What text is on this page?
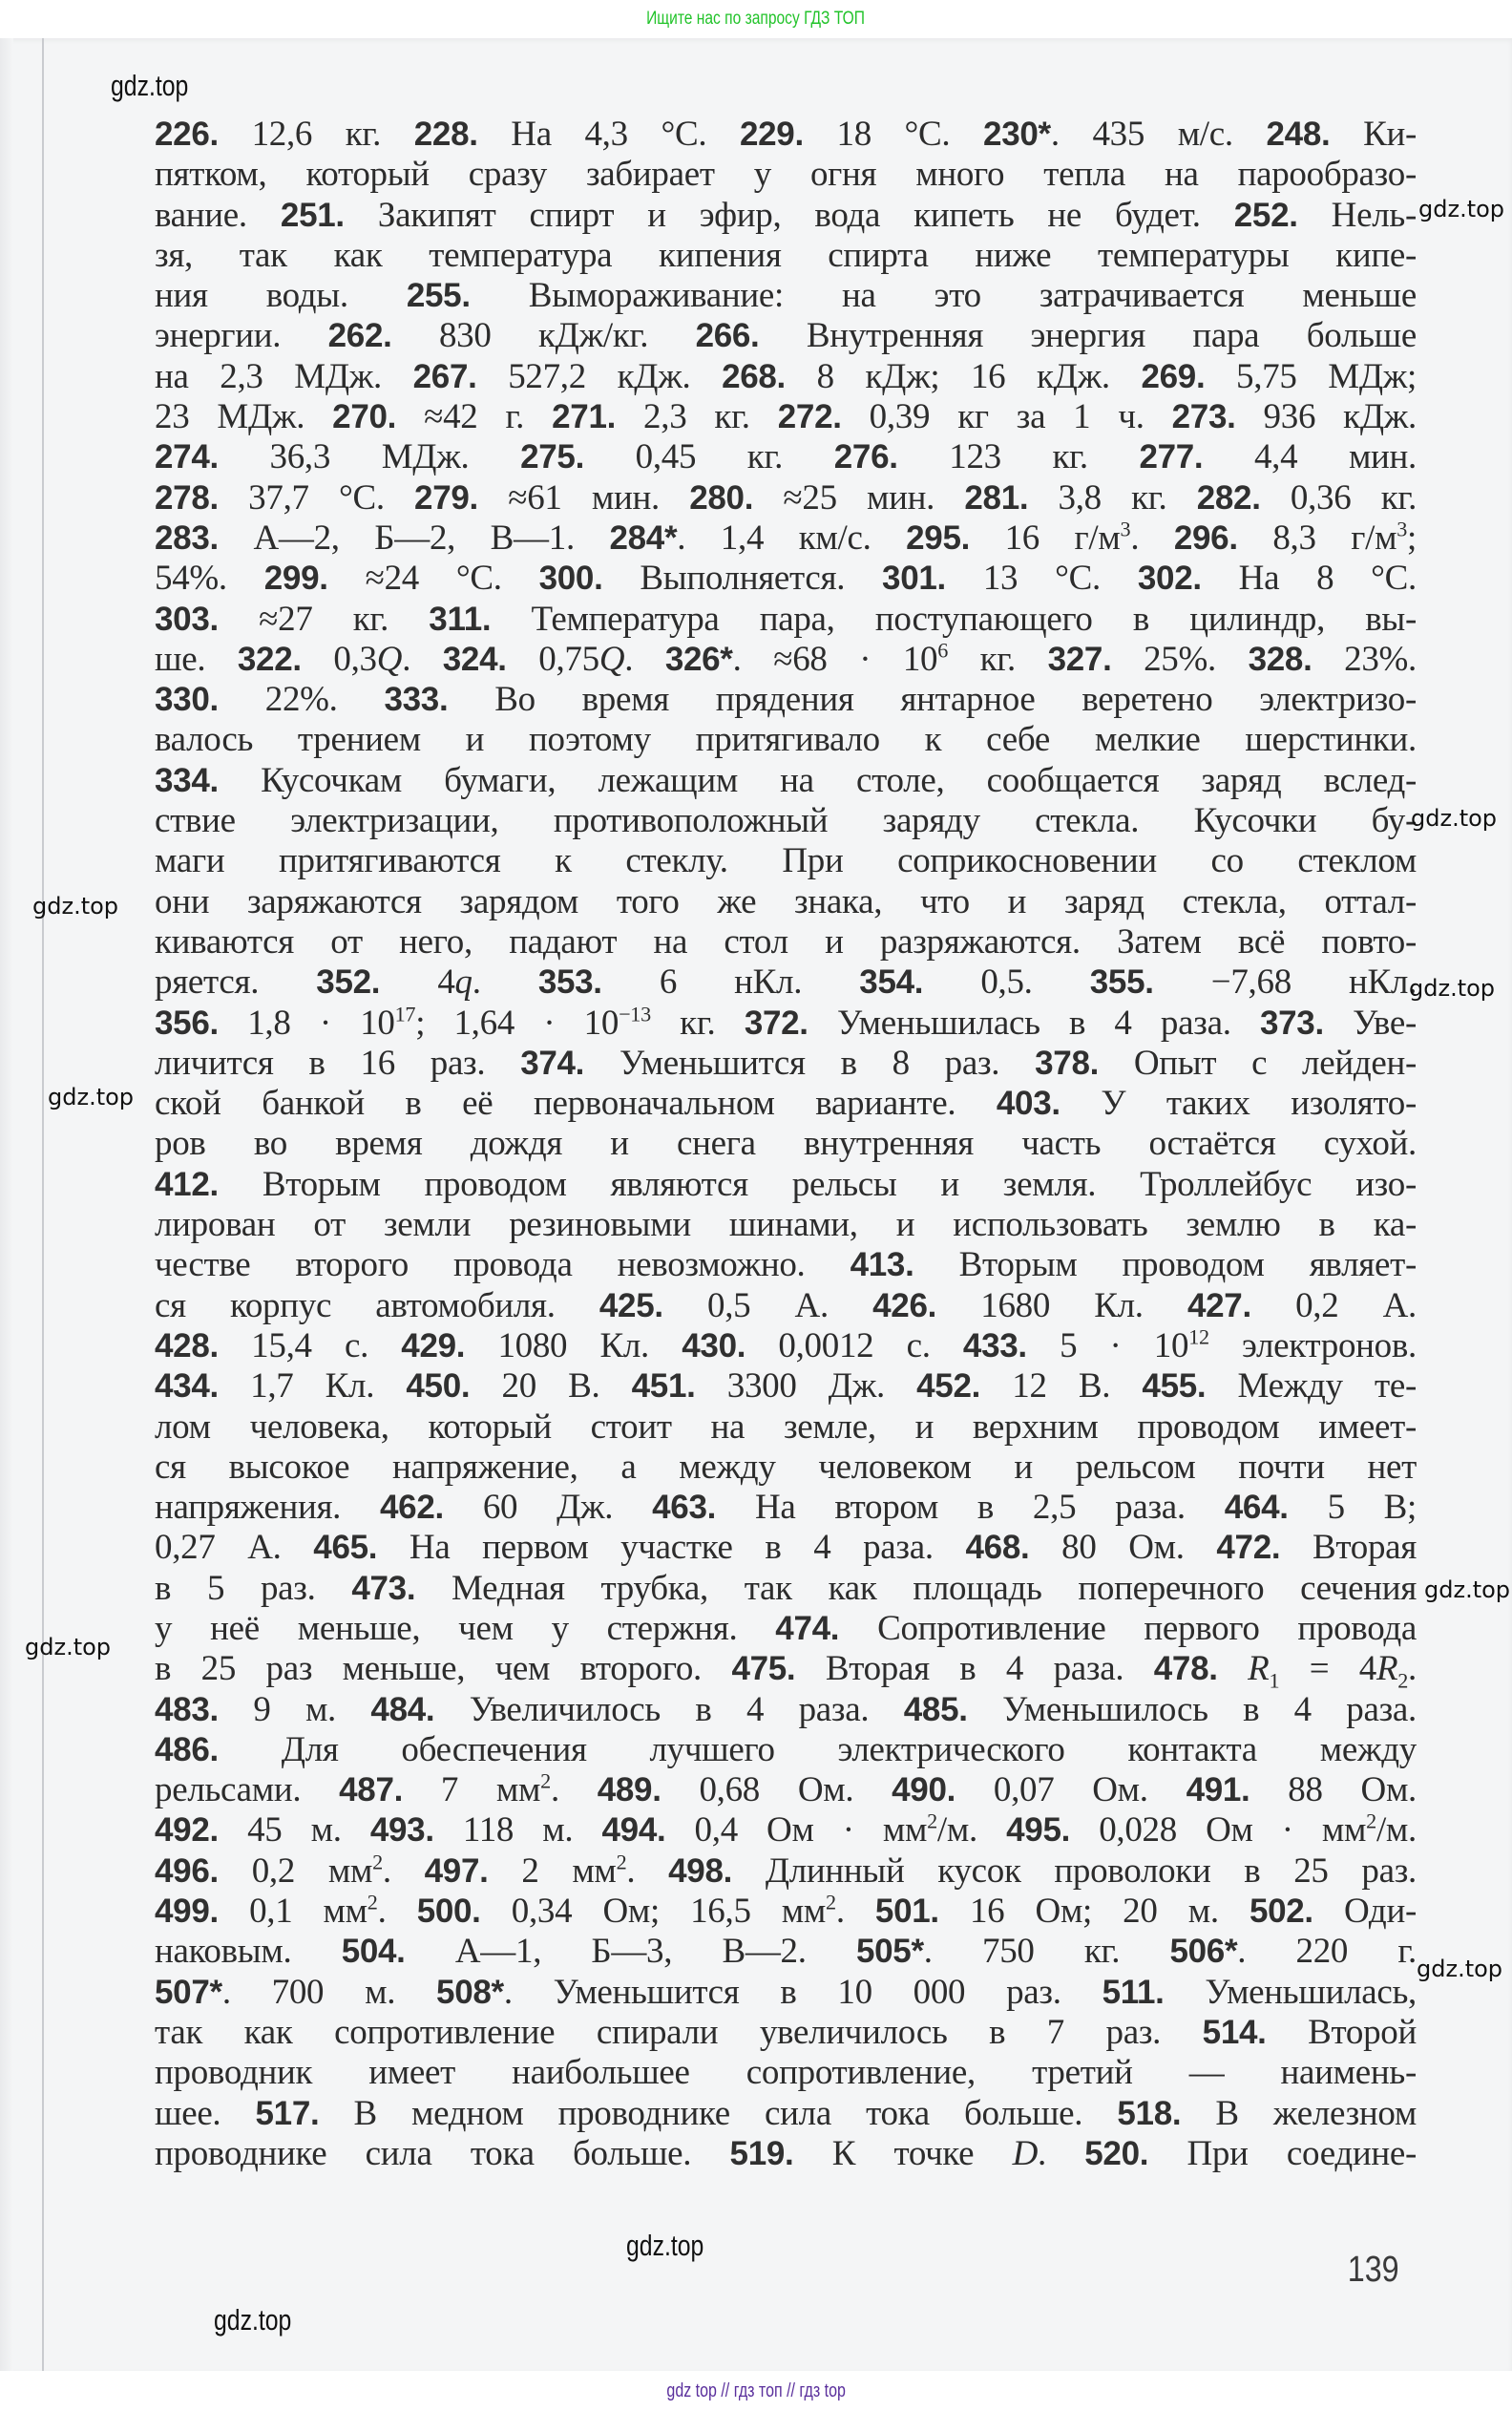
Ищите нас по запросу ГДЗ ТОП
226. 12,6 кг. 228. На 4,3 °С. 229. 18 °С. 230*. 435 м/с. 248. Ки-
пятком, который сразу забирает у огня много тепла на парообразо-
вание. 251. Закипят спирт и эфир, вода кипеть не будет. 252. Нель-
зя, так как температура кипения спирта ниже температуры кипе-
ния воды. 255. Вымораживание: на это затрачивается меньше
энергии. 262. 830 кДж/кг. 266. Внутренняя энергия пара больше
на 2,3 МДж. 267. 527,2 кДж. 268. 8 кДж; 16 кДж. 269. 5,75 МДж;
23 МДж. 270. ≈42 г. 271. 2,3 кг. 272. 0,39 кг за 1 ч. 273. 936 кДж.
274. 36,3 МДж. 275. 0,45 кг. 276. 123 кг. 277. 4,4 мин.
278. 37,7 °С. 279. ≈61 мин. 280. ≈25 мин. 281. 3,8 кг. 282. 0,36 кг.
283. А—2, Б—2, В—1. 284*. 1,4 км/с. 295. 16 $г/м^3$. 296. 8,3 $г/м^3$;
54%. 299. ≈24 °С. 300. Выполняется. 301. 13 °С. 302. На 8 °С.
303. ≈27 кг. 311. Температура пара, поступающего в цилиндр, вы-
ше. 322. 0,3Q. 324. 0,75Q. 326*. $\approx 68 \cdot 10^6$ кг. 327. 25%. 328. 23%.
330. 22%. 333. Во время прядения янтарное веретено электризо-
валось трением и поэтому притягивало к себе мелкие шерстинки.
334. Кусочкам бумаги, лежащим на столе, сообщается заряд вслед-
ствие электризации, противоположный заряду стекла. Кусочки бу-
маги притягиваются к стеклу. При соприкосновении со стеклом
они заряжаются зарядом того же знака, что и заряд стекла, оттал-
киваются от него, падают на стол и разряжаются. Затем всё повто-
ряется. 352. 4q. 353. 6 нКл. 354. 0,5. 355. −7,68 нКл.
356. $1,8 \cdot 10^{17}$; $1,64 \cdot 10^{-13}$ кг. 372. Уменьшилась в 4 раза. 373. Уве-
личится в 16 раз. 374. Уменьшится в 8 раз. 378. Опыт с лейден-
ской банкой в её первоначальном варианте. 403. У таких изолято-
ров во время дождя и снега внутренняя часть остаётся сухой.
412. Вторым проводом являются рельсы и земля. Троллейбус изо-
лирован от земли резиновыми шинами, и использовать землю в ка-
честве второго провода невозможно. 413. Вторым проводом являет-
ся корпус автомобиля. 425. 0,5 А. 426. 1680 Кл. 427. 0,2 А.
428. 15,4 с. 429. 1080 Кл. 430. 0,0012 с. 433. $5 \cdot 10^{12}$ электронов.
434. 1,7 Кл. 450. 20 В. 451. 3300 Дж. 452. 12 В. 455. Между те-
лом человека, который стоит на земле, и верхним проводом имеет-
ся высокое напряжение, а между человеком и рельсом почти нет
напряжения. 462. 60 Дж. 463. На втором в 2,5 раза. 464. 5 В;
0,27 А. 465. На первом участке в 4 раза. 468. 80 Ом. 472. Вторая
в 5 раз. 473. Медная трубка, так как площадь поперечного сечения
у неё меньше, чем у стержня. 474. Сопротивление первого провода
в 25 раз меньше, чем второго. 475. Вторая в 4 раза. 478. $R_1 = 4R_2$.
483. 9 м. 484. Увеличилось в 4 раза. 485. Уменьшилось в 4 раза.
486. Для обеспечения лучшего электрического контакта между
рельсами. 487. 7 $мм^2$. 489. 0,68 Ом. 490. 0,07 Ом. 491. 88 Ом.
492. 45 м. 493. 118 м. 494. 0,4 Ом · $мм^2/м$. 495. 0,028 Ом · $мм^2/м$.
496. 0,2 $мм^2$. 497. 2 $мм^2$. 498. Длинный кусок проволоки в 25 раз.
499. 0,1 $мм^2$. 500. 0,34 Ом; 16,5 $мм^2$. 501. 16 Ом; 20 м. 502. Оди-
наковым. 504. А—1, Б—3, В—2. 505*. 750 кг. 506*. 220 г.
507*. 700 м. 508*. Уменьшится в 10 000 раз. 511. Уменьшилась,
так как сопротивление спирали увеличилось в 7 раз. 514. Второй
проводник имеет наибольшее сопротивление, третий — наимень-
шее. 517. В медном проводнике сила тока больше. 518. В железном
проводнике сила тока больше. 519. К точке D. 520. При соедине-
139
gdz.top
gdz.top
gdz.top
gdz.top
gdz.top
gdz.top
gdz.top
gdz.top
gdz.top
gdz.top
gdz.top
gdz top // гдз топ // гдз top
